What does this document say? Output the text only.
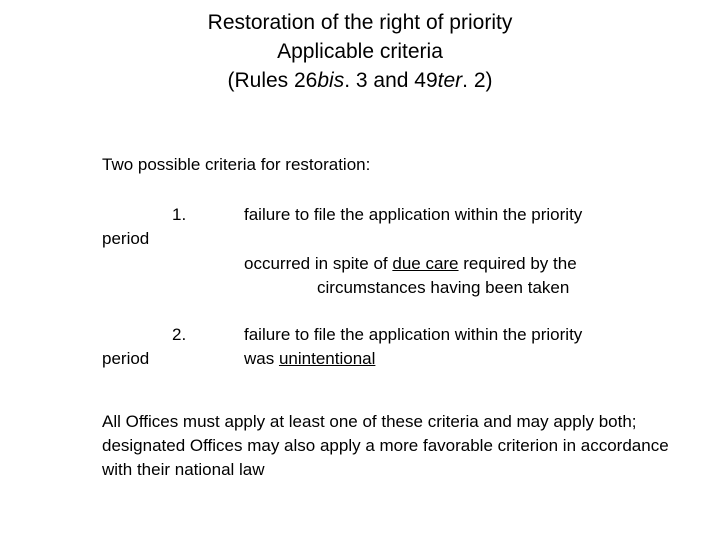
Restoration of the right of priority
Applicable criteria
(Rules 26bis. 3 and 49ter. 2)
Two possible criteria for restoration:
1.	failure to file the application within the priority
period
occurred in spite of due care required by the
circumstances having been taken
2.	failure to file the application within the priority
was unintentional
period
All Offices must apply at least one of these criteria and may apply both; designated Offices may also apply a more favorable criterion in accordance with their national law
